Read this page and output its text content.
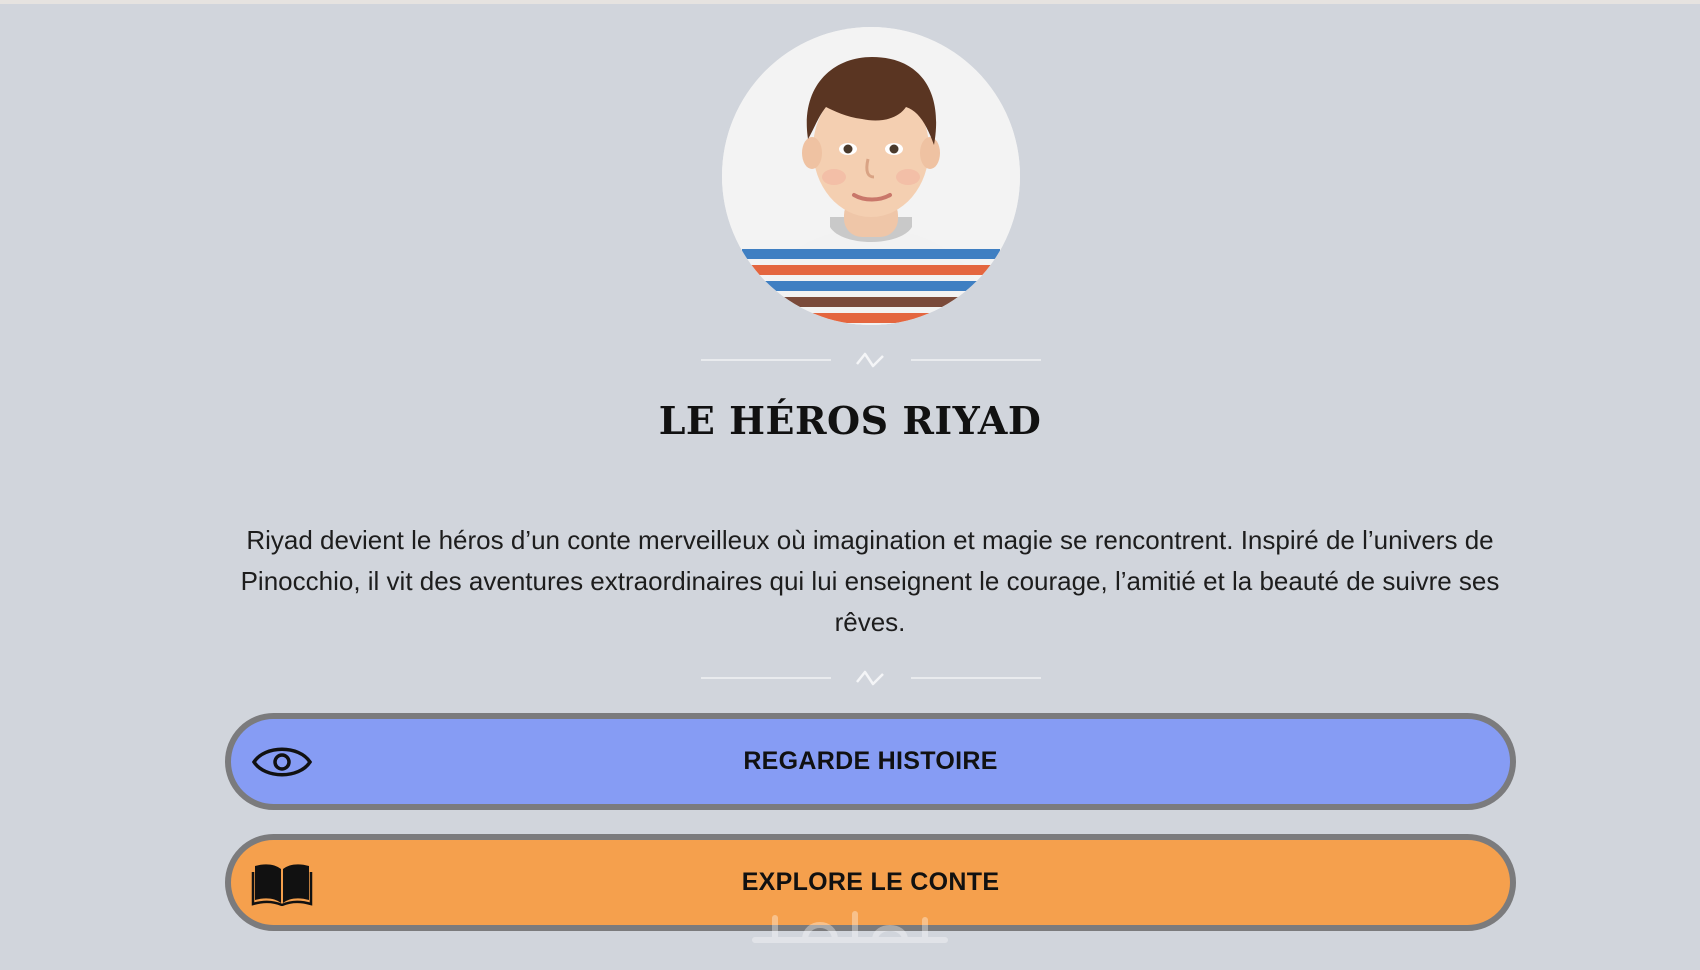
LE HÉROS RIYAD

Riyad devient le héros d’un conte merveilleux où imagination et magie se rencontrent. Inspiré de l’univers de Pinocchio, il vit des aventures extraordinaires qui lui enseignent le courage, l’amitié et la beauté de suivre ses rêves.

REGARDE HISTOIRE
EXPLORE LE CONTE
